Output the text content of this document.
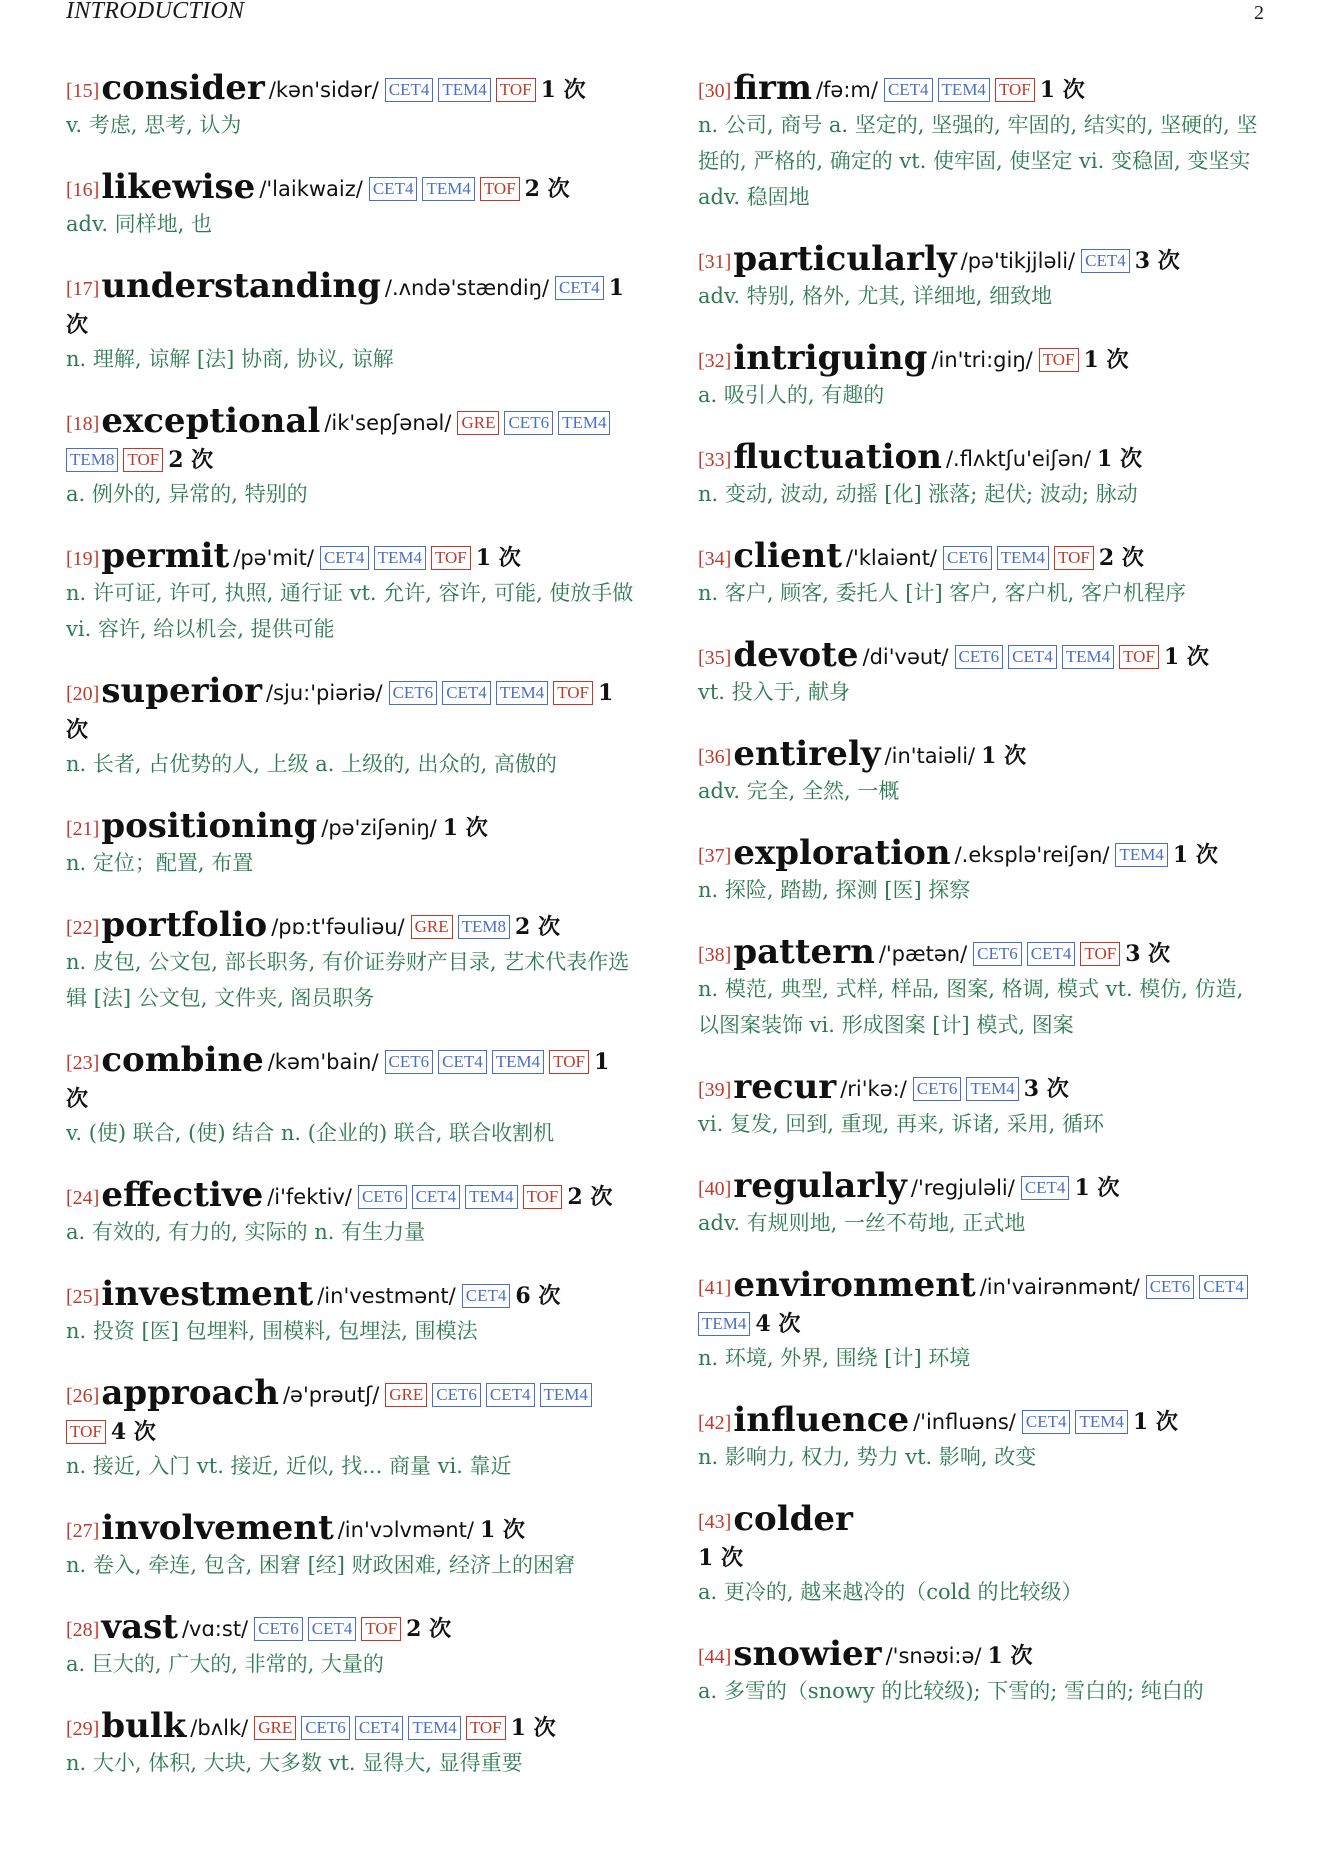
INTRODUCTION	2
[15]consider /kən'sidər/ CET4 TEM4 TOF 1 次
v. 考虑, 思考, 认为
[16]likewise /'laikwaiz/ CET4 TEM4 TOF 2 次
adv. 同样地, 也
[17]understanding /.ʌndə'stændiŋ/ CET4 1 次
n. 理解, 谅解 [法] 协商, 协议, 谅解
[18]exceptional /ik'sepʃənəl/ GRE CET6 TEM4TEM8 TOF 2 次
a. 例外的, 异常的, 特别的
[19]permit /pə'mit/ CET4 TEM4 TOF 1 次
n. 许可证, 许可, 执照, 通行证 vt. 允许, 容许, 可能, 使放手做 vi. 容许, 给以机会, 提供可能
[20]superior /sju:'piəriə/ CET6 CET4 TEM4 TOF 1 次
n. 长者, 占优势的人, 上级 a. 上级的, 出众的, 高傲的
[21]positioning /pə'ziʃəniŋ/ 1 次
n. 定位；配置, 布置
[22]portfolio /pɒ:t'fəuliəu/ GRE TEM8 2 次
n. 皮包, 公文包, 部长职务, 有价证券财产目录, 艺术代表作选辑 [法] 公文包, 文件夹, 阁员职务
[23]combine /kəm'bain/ CET6 CET4 TEM4 TOF 1 次
v. (使) 联合, (使) 结合 n. (企业的) 联合, 联合收割机
[24]effective /i'fektiv/ CET6 CET4 TEM4 TOF 2 次
a. 有效的, 有力的, 实际的 n. 有生力量
[25]investment /in'vestmənt/ CET4 6 次
n. 投资 [医] 包埋料, 围模料, 包埋法, 围模法
[26]approach /ə'prəutʃ/ GRE CET6 CET4 TEM4TOF 4 次
n. 接近, 入门 vt. 接近, 近似, 找... 商量 vi. 靠近
[27]involvement /in'vɔlvmənt/ 1 次
n. 卷入, 牵连, 包含, 困窘 [经] 财政困难, 经济上的困窘
[28]vast /vɑ:st/ CET6 CET4 TOF 2 次
a. 巨大的, 广大的, 非常的, 大量的
[29]bulk /bʌlk/ GRE CET6 CET4 TEM4 TOF 1 次
n. 大小, 体积, 大块, 大多数 vt. 显得大, 显得重要
[30]firm /fə:m/ CET4 TEM4 TOF 1 次
n. 公司, 商号 a. 坚定的, 坚强的, 牢固的, 结实的, 坚硬的, 坚挺的, 严格的, 确定的 vt. 使牢固, 使坚定 vi. 变稳固, 变坚实 adv. 稳固地
[31]particularly /pə'tikjjləli/ CET4 3 次
adv. 特别, 格外, 尤其, 详细地, 细致地
[32]intriguing /in'tri:giŋ/ TOF 1 次
a. 吸引人的, 有趣的
[33]fluctuation /.flʌktʃu'eiʃən/ 1 次
n. 变动, 波动, 动摇 [化] 涨落; 起伏; 波动; 脉动
[34]client /'klaiənt/ CET6 TEM4 TOF 2 次
n. 客户, 顾客, 委托人 [计] 客户, 客户机, 客户机程序
[35]devote /di'vəut/ CET6 CET4 TEM4 TOF 1 次
vt. 投入于, 献身
[36]entirely /in'taiəli/ 1 次
adv. 完全, 全然, 一概
[37]exploration /.eksplə'reiʃən/ TEM4 1 次
n. 探险, 踏勘, 探测 [医] 探察
[38]pattern /'pætən/ CET6 CET4 TOF 3 次
n. 模范, 典型, 式样, 样品, 图案, 格调, 模式 vt. 模仿, 仿造, 以图案装饰 vi. 形成图案 [计] 模式, 图案
[39]recur /ri'kə:/ CET6 TEM4 3 次
vi. 复发, 回到, 重现, 再来, 诉诸, 采用, 循环
[40]regularly /'regjuləli/ CET4 1 次
adv. 有规则地, 一丝不苟地, 正式地
[41]environment /in'vairənmənt/ CET6 CET4TEM4 4 次
n. 环境, 外界, 围绕 [计] 环境
[42]influence /'influəns/ CET4 TEM4 1 次
n. 影响力, 权力, 势力 vt. 影响, 改变
[43]colder
1 次
a. 更冷的, 越来越冷的（cold 的比较级）
[44]snowier /'snəʊi:ə/ 1 次
a. 多雪的（snowy 的比较级); 下雪的; 雪白的; 纯白的
